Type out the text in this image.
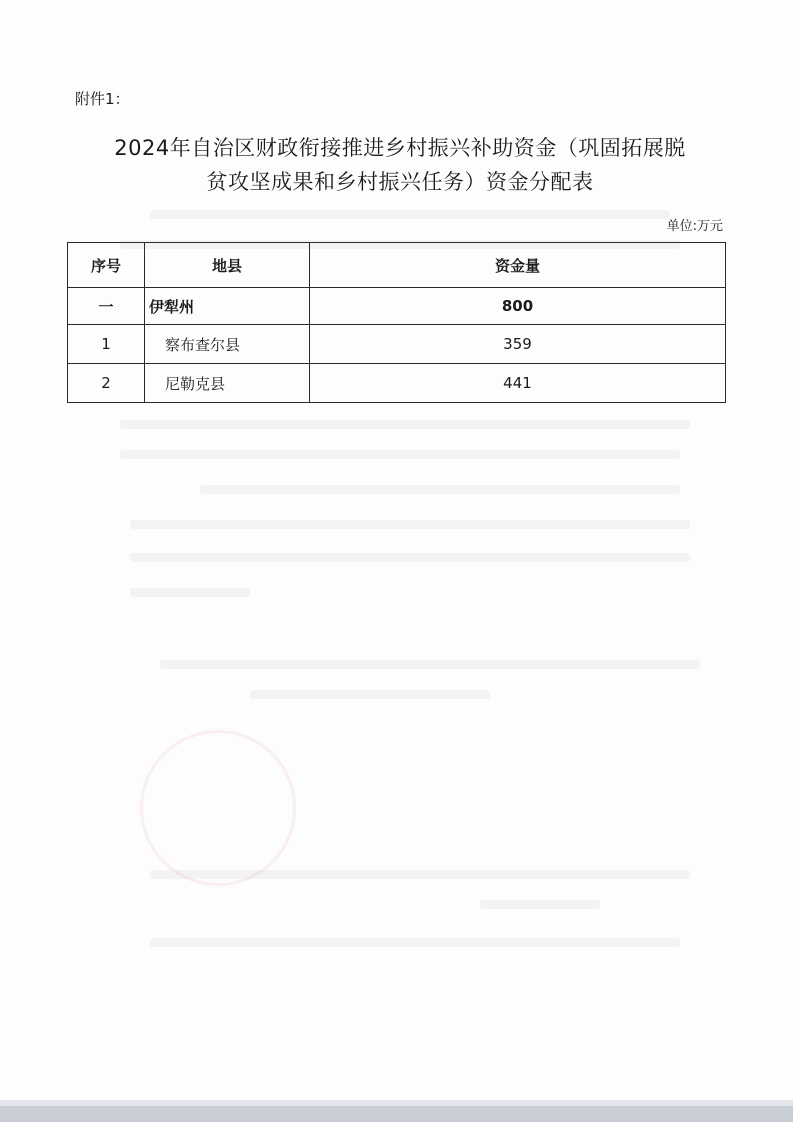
附件1：
2024年自治区财政衔接推进乡村振兴补助资金（巩固拓展脱
贫攻坚成果和乡村振兴任务）资金分配表
单位:万元
序号	地县	资金量
一	伊犁州	800
1	察布查尔县	359
2	尼勒克县	441
